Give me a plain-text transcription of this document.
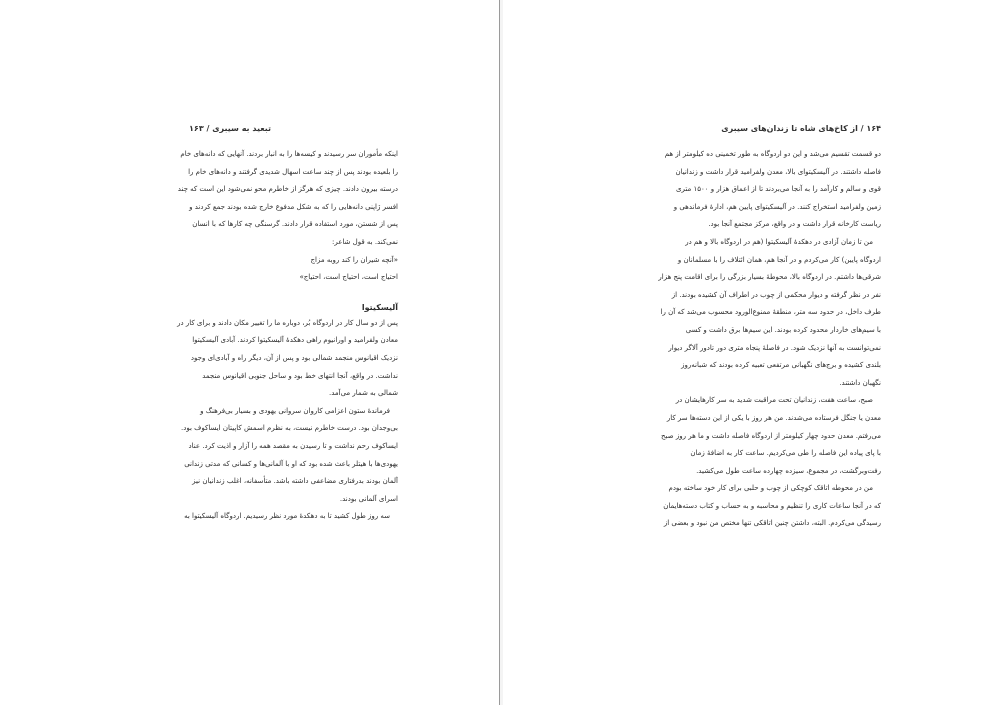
تبعید به سیبری / ۱۶۳
اینکه مأموران سر رسیدند و کیسه‌ها را به انبار بردند. آنهایی که دانه‌های خام
را بلعیده بودند پس از چند ساعت اسهال شدیدی گرفتند و دانه‌های خام را
درسته بیرون دادند. چیزی که هرگز از خاطرم محو نمی‌شود این است که چند
افسر ژاپنی دانه‌هایی را که به شکل مدفوع خارج شده بودند جمع کردند و
پس از شستن، مورد استفاده قرار دادند. گرسنگی چه کارها که با انسان
نمی‌کند. به قول شاعر:
«آنچه شیران را کند روبه مزاج
احتیاج است، احتیاج است، احتیاج»
آلیسکیتوا
پس از دو سال کار در اردوگاه بُر، دوباره ما را تغییر مکان دادند و برای کار در
معادن ولفرامید و اورانیوم راهی دهکدهٔ آلیسکیتوا کردند. آبادی آلیسکیتوا
نزدیک اقیانوس منجمد شمالی بود و پس از آن، دیگر راه و آبادی‌ای وجود
نداشت. در واقع، آنجا انتهای خط بود و ساحل جنوبی اقیانوس منجمد
شمالی به شمار می‌آمد.
فرماندهٔ ستون اعزامی کاروان سروانی یهودی و بسیار بی‌فرهنگ و
بی‌وجدان بود. درست خاطرم نیست، به نظرم اسمش کاپیتان ایساکوف بود.
ایساکوف رحم نداشت و تا رسیدن به مقصد همه را آزار و اذیت کرد. عناد
یهودی‌ها با هیتلر باعث شده بود که او با آلمانی‌ها و کسانی که مدتی زندانی
آلمان بودند بدرفتاری مضاعفی داشته باشد. متأسفانه، اغلب زندانیان نیز
اسرای آلمانی بودند.
سه روز طول کشید تا به دهکدهٔ مورد نظر رسیدیم. اردوگاه آلیسکیتوا به
۱۶۴ / از کاخ‌های شاه تا زندان‌های سیبری
دو قسمت تقسیم می‌شد و این دو اردوگاه به طور تخمینی ده کیلومتر از هم
فاصله داشتند. در آلیسکیتوای بالا، معدن ولفرامید قرار داشت و زندانیان
قوی و سالم و کارآمد را به آنجا می‌بردند تا از اعماق هزار و ۱۵۰۰ متری
زمین ولفرامید استخراج کنند. در آلیسکیتوای پایین هم، ادارهٔ فرماندهی و
ریاست کارخانه قرار داشت و در واقع، مرکز مجتمع آنجا بود.
من تا زمان آزادی در دهکدهٔ آلیسکیتوا (هم در اردوگاه بالا و هم در
اردوگاه پایین) کار می‌کردم و در آنجا هم، همان ائتلاف را با مسلمانان و
شرقی‌ها داشتم. در اردوگاه بالا، محوطهٔ بسیار بزرگی را برای اقامت پنج هزار
نفر در نظر گرفته و دیوار محکمی از چوب در اطراف آن کشیده بودند. از
طرف داخل، در حدود سه متر، منطقهٔ ممنوع‌الورود محسوب می‌شد که آن را
با سیم‌های خاردار محدود کرده بودند. این سیم‌ها برق داشت و کسی
نمی‌توانست به آنها نزدیک شود. در فاصلهٔ پنجاه متری دور تادور آلاگر دیوار
بلندی کشیده و برج‌های نگهبانی مرتفعی تعبیه کرده بودند که شبانه‌روز
نگهبان داشتند.
صبح، ساعت هفت، زندانیان تحت مراقبت شدید به سر کارهایشان در
معدن یا جنگل فرستاده می‌شدند. من هر روز با یکی از این دسته‌ها سر کار
می‌رفتم. معدن حدود چهار کیلومتر از اردوگاه فاصله داشت و ما هر روز صبح
با پای پیاده این فاصله را طی می‌کردیم. ساعت کار به اضافهٔ زمان
رفت‌وبرگشت، در مجموع، سیزده چهارده ساعت طول می‌کشید.
من در محوطه اتاقک کوچکی از چوب و حلبی برای کار خود ساخته بودم
که در آنجا ساعات کاری را تنظیم و محاسبه و به حساب و کتاب دسته‌هایمان
رسیدگی می‌کردم. البته، داشتن چنین اتاقکی تنها مختص من نبود و بعضی از
